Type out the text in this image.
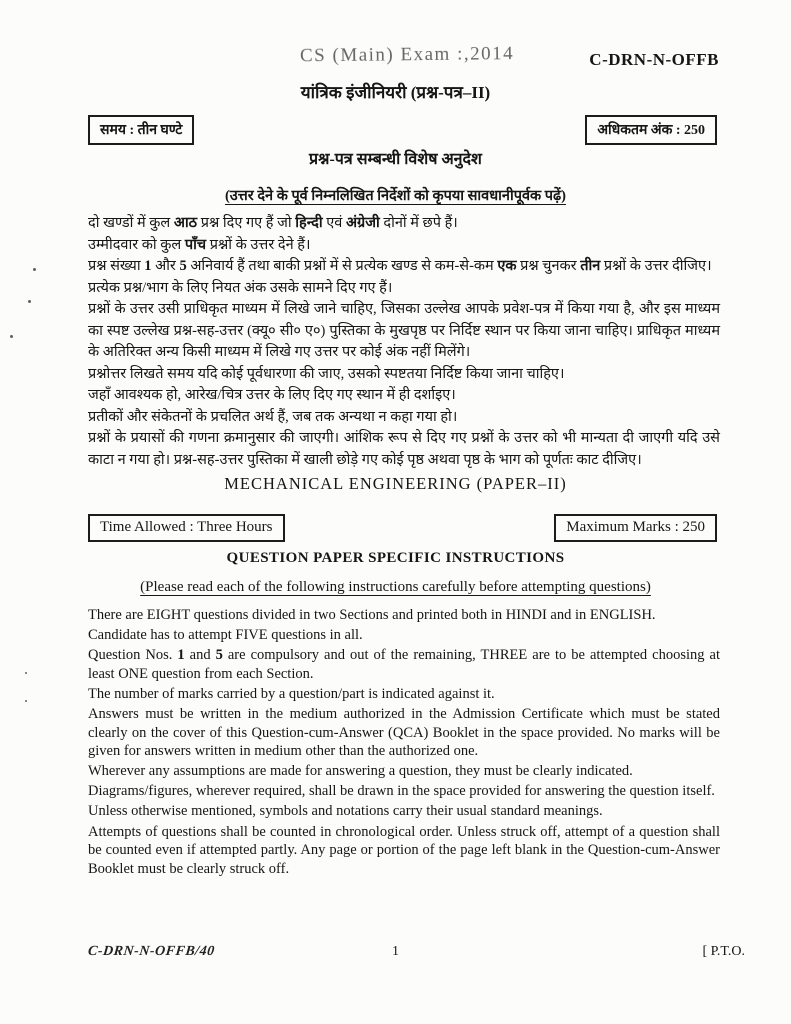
CS (Main) Exam :,2014	C-DRN-N-OFFB
यांत्रिक इंजीनियरी (प्रश्न-पत्र–II)
समय : तीन घण्टे	अधिकतम अंक : 250
प्रश्न-पत्र सम्बन्धी विशेष अनुदेश
(उत्तर देने के पूर्व निम्नलिखित निर्देशों को कृपया सावधानीपूर्वक पढ़ें)

दो खण्डों में कुल आठ प्रश्न दिए गए हैं जो हिन्दी एवं अंग्रेजी दोनों में छपे हैं।

उम्मीदवार को कुल पाँच प्रश्नों के उत्तर देने हैं।

प्रश्न संख्या 1 और 5 अनिवार्य हैं तथा बाकी प्रश्नों में से प्रत्येक खण्ड से कम-से-कम एक प्रश्न चुनकर तीन प्रश्नों के उत्तर दीजिए।

प्रत्येक प्रश्न/भाग के लिए नियत अंक उसके सामने दिए गए हैं।

प्रश्नों के उत्तर उसी प्राधिकृत माध्यम में लिखे जाने चाहिए, जिसका उल्लेख आपके प्रवेश-पत्र में किया गया है, और इस माध्यम का स्पष्ट उल्लेख प्रश्न-सह-उत्तर (क्यू० सी० ए०) पुस्तिका के मुखपृष्ठ पर निर्दिष्ट स्थान पर किया जाना चाहिए। प्राधिकृत माध्यम के अतिरिक्त अन्य किसी माध्यम में लिखे गए उत्तर पर कोई अंक नहीं मिलेंगे।

प्रश्नोत्तर लिखते समय यदि कोई पूर्वधारणा की जाए, उसको स्पष्टतया निर्दिष्ट किया जाना चाहिए।

जहाँ आवश्यक हो, आरेख/चित्र उत्तर के लिए दिए गए स्थान में ही दर्शाइए।

प्रतीकों और संकेतनों के प्रचलित अर्थ हैं, जब तक अन्यथा न कहा गया हो।

प्रश्नों के प्रयासों की गणना क्रमानुसार की जाएगी। आंशिक रूप से दिए गए प्रश्नों के उत्तर को भी मान्यता दी जाएगी यदि उसे काटा न गया हो। प्रश्न-सह-उत्तर पुस्तिका में खाली छोड़े गए कोई पृष्ठ अथवा पृष्ठ के भाग को पूर्णतः काट दीजिए।

MECHANICAL ENGINEERING (PAPER–II)
Time Allowed : Three Hours	Maximum Marks : 250
QUESTION PAPER SPECIFIC INSTRUCTIONS
(Please read each of the following instructions carefully before attempting questions)

There are EIGHT questions divided in two Sections and printed both in HINDI and in ENGLISH.

Candidate has to attempt FIVE questions in all.

Question Nos. 1 and 5 are compulsory and out of the remaining, THREE are to be attempted choosing at least ONE question from each Section.

The number of marks carried by a question/part is indicated against it.

Answers must be written in the medium authorized in the Admission Certificate which must be stated clearly on the cover of this Question-cum-Answer (QCA) Booklet in the space provided. No marks will be given for answers written in medium other than the authorized one.

Wherever any assumptions are made for answering a question, they must be clearly indicated.

Diagrams/figures, wherever required, shall be drawn in the space provided for answering the question itself.

Unless otherwise mentioned, symbols and notations carry their usual standard meanings.

Attempts of questions shall be counted in chronological order. Unless struck off, attempt of a question shall be counted even if attempted partly. Any page or portion of the page left blank in the Question-cum-Answer Booklet must be clearly struck off.

C-DRN-N-OFFB/40	1	[ P.T.O.
